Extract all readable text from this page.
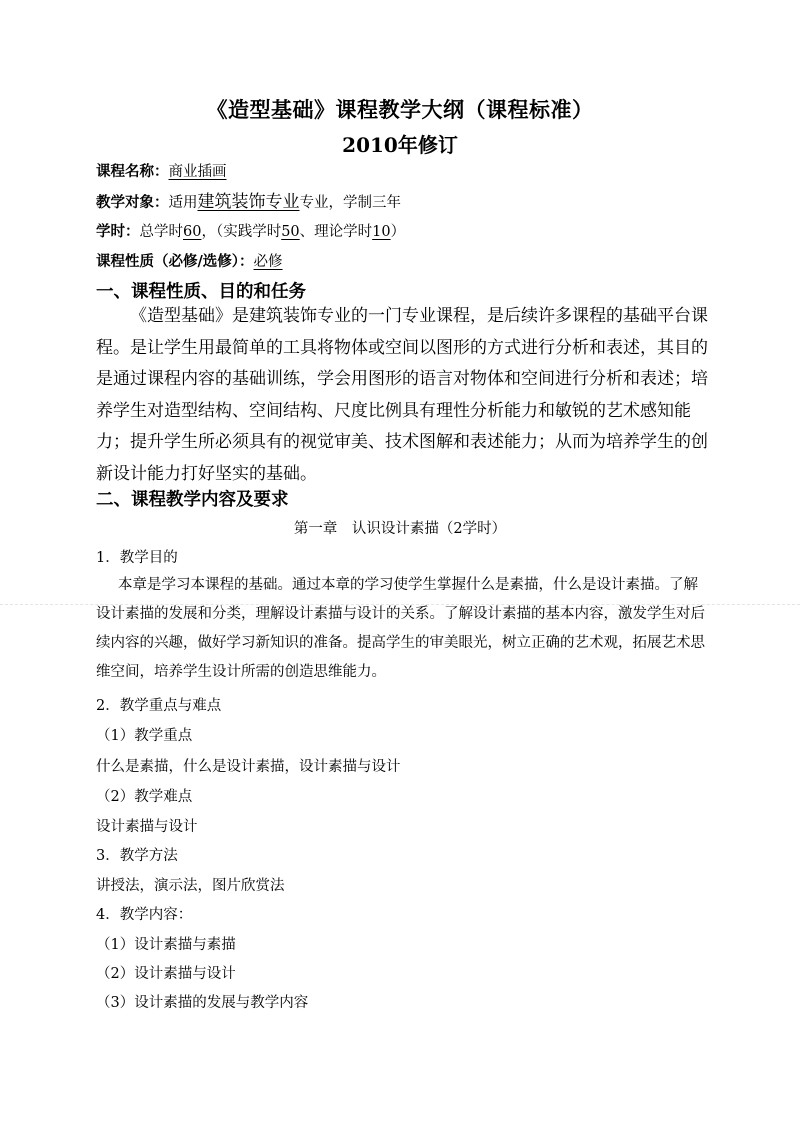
《造型基础》课程教学大纲（课程标准）
2010年修订
课程名称：商业插画
教学对象：适用建筑装饰专业专业，学制三年
学时：总学时60，（实践学时50、理论学时10）
课程性质（必修/选修）：必修
一、课程性质、目的和任务

《造型基础》是建筑装饰专业的一门专业课程，是后续许多课程的基础平台课程。是让学生用最简单的工具将物体或空间以图形的方式进行分析和表述，其目的是通过课程内容的基础训练，学会用图形的语言对物体和空间进行分析和表述；培养学生对造型结构、空间结构、尺度比例具有理性分析能力和敏锐的艺术感知能力；提升学生所必须具有的视觉审美、技术图解和表述能力；从而为培养学生的创新设计能力打好坚实的基础。

二、课程教学内容及要求
第一章　认识设计素描（2学时）
1．教学目的

本章是学习本课程的基础。通过本章的学习使学生掌握什么是素描，什么是设计素描。了解设计素描的发展和分类，理解设计素描与设计的关系。了解设计素描的基本内容，激发学生对后续内容的兴趣，做好学习新知识的准备。提高学生的审美眼光，树立正确的艺术观，拓展艺术思维空间，培养学生设计所需的创造思维能力。

2．教学重点与难点
（1）教学重点
什么是素描，什么是设计素描，设计素描与设计
（2）教学难点
设计素描与设计
3．教学方法
讲授法，演示法，图片欣赏法
4．教学内容：
（1）设计素描与素描
（2）设计素描与设计
（3）设计素描的发展与教学内容
